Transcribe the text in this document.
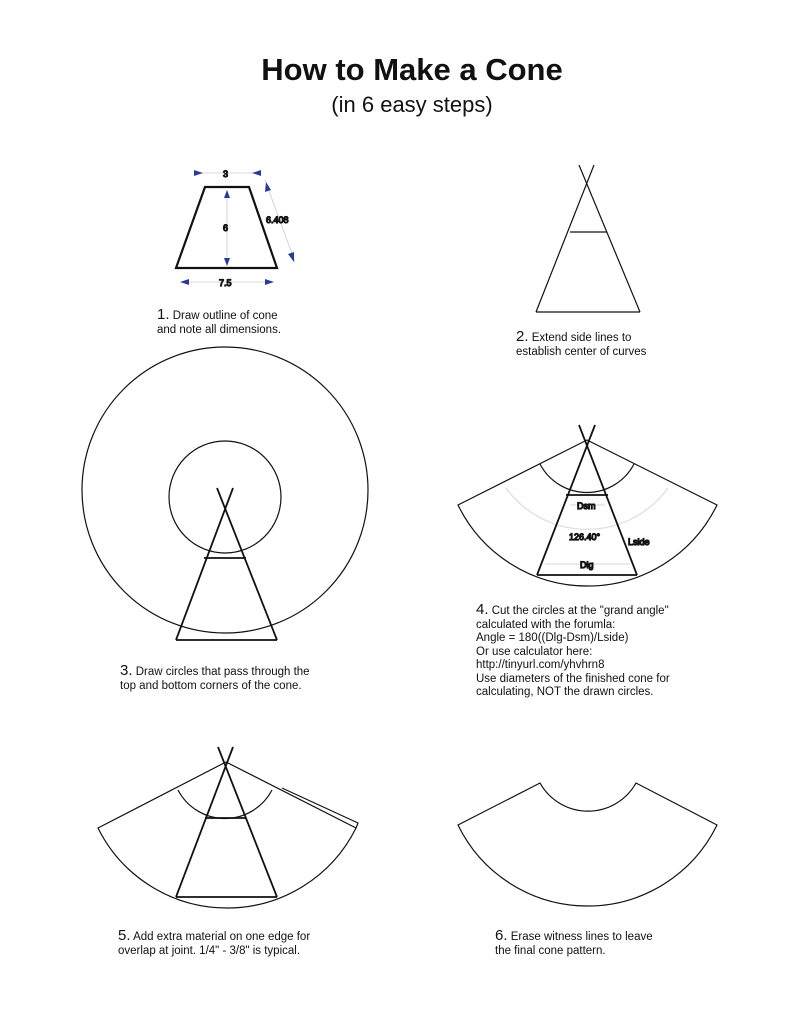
How to Make a Cone
(in 6 easy steps)
3
6
6.408
7.5
Dsm
126.40°	Lside
Dlg
1. Draw outline of cone
and note all dimensions.	2. Extend side lines to
establish center of curves
3. Draw circles that pass through the
top and bottom corners of the cone.
4. Cut the circles at the "grand angle"
calculated with the forumla:
Angle = 180((Dlg-Dsm)/Lside)
Or use calculator here:
http://tinyurl.com/yhvhrn8
Use diameters of the finished cone for
calculating, NOT the drawn circles.
5. Add extra material on one edge for
overlap at joint. 1/4" - 3/8" is typical.
6. Erase witness lines to leave
the final cone pattern.
